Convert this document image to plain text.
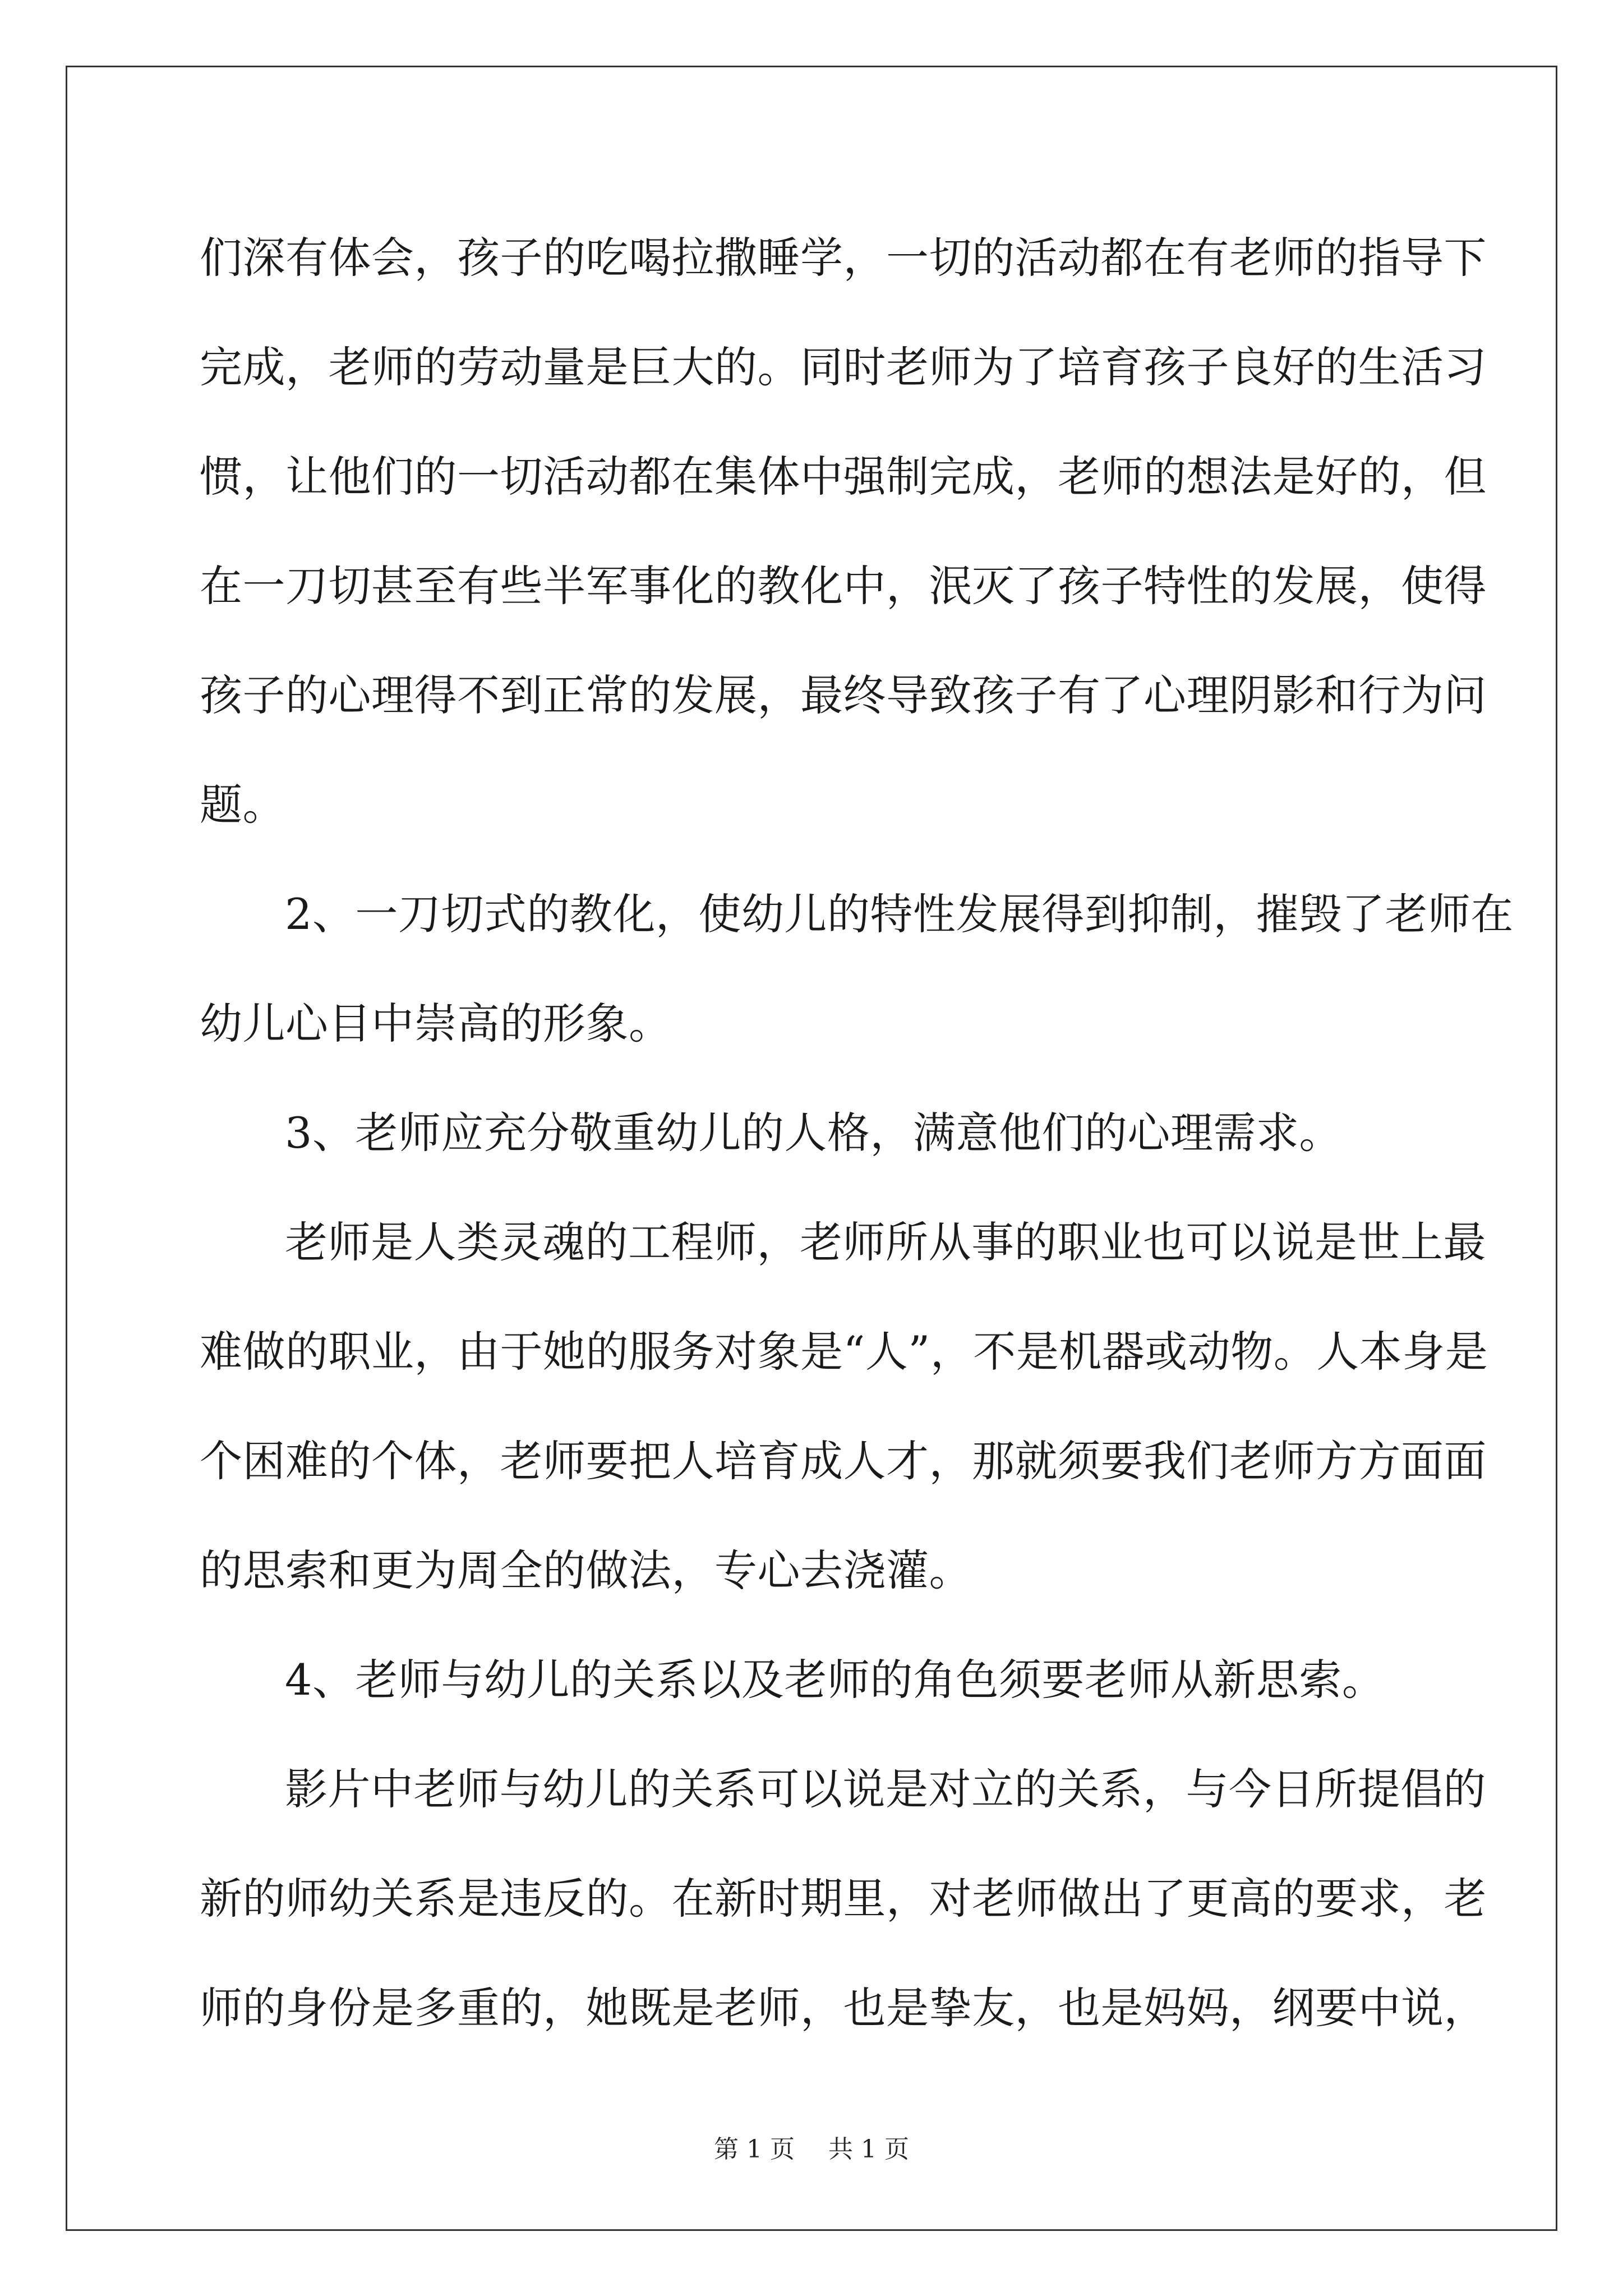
们深有体会，孩子的吃喝拉撒睡学，一切的活动都在有老师的指导下
完成，老师的劳动量是巨大的。同时老师为了培育孩子良好的生活习
惯，让他们的一切活动都在集体中强制完成，老师的想法是好的，但
在一刀切甚至有些半军事化的教化中，泯灭了孩子特性的发展，使得
孩子的心理得不到正常的发展，最终导致孩子有了心理阴影和行为问
题。
2、一刀切式的教化，使幼儿的特性发展得到抑制，摧毁了老师在
幼儿心目中崇高的形象。
3、老师应充分敬重幼儿的人格，满意他们的心理需求。
老师是人类灵魂的工程师，老师所从事的职业也可以说是世上最
难做的职业，由于她的服务对象是“人”，不是机器或动物。人本身是
个困难的个体，老师要把人培育成人才，那就须要我们老师方方面面
的思索和更为周全的做法，专心去浇灌。
4、老师与幼儿的关系以及老师的角色须要老师从新思索。
影片中老师与幼儿的关系可以说是对立的关系，与今日所提倡的
新的师幼关系是违反的。在新时期里，对老师做出了更高的要求，老
师的身份是多重的，她既是老师，也是挚友，也是妈妈，纲要中说，
第 1 页 共 1 页
